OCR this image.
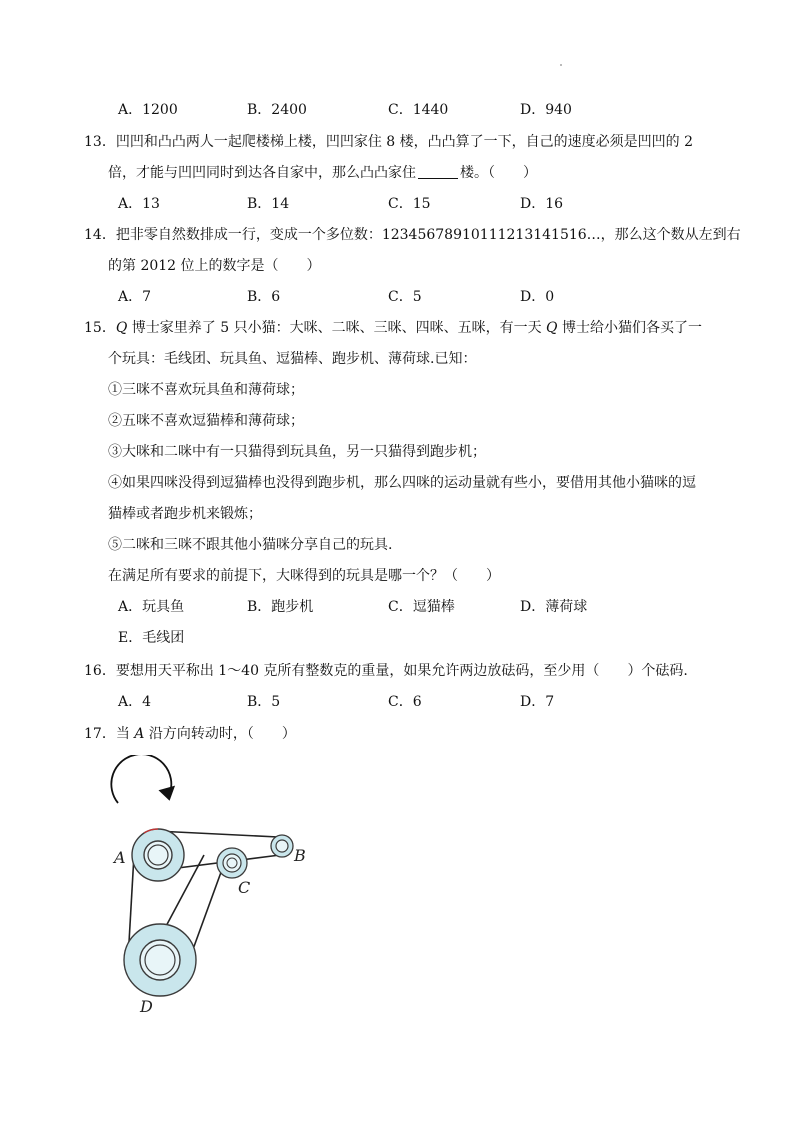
A．1200	B．2400	C．1440	D．940
13．凹凹和凸凸两人一起爬楼梯上楼，凹凹家住 8 楼，凸凸算了一下，自己的速度必须是凹凹的 2
倍，才能与凹凹同时到达各自家中，那么凸凸家住	楼。（ ）
A．13	B．14	C．15	D．16
14．把非零自然数排成一行，变成一个多位数：12345678910111213141516…，那么这个数从左到右
的第 2012 位上的数字是（ ）
A．7	B．6	C．5	D．0
15．Q 博士家里养了 5 只小猫：大咪、二咪、三咪、四咪、五咪，有一天 Q 博士给小猫们各买了一
个玩具：毛线团、玩具鱼、逗猫棒、跑步机、薄荷球.已知：
①三咪不喜欢玩具鱼和薄荷球；
②五咪不喜欢逗猫棒和薄荷球；
③大咪和二咪中有一只猫得到玩具鱼，另一只猫得到跑步机；
④如果四咪没得到逗猫棒也没得到跑步机，那么四咪的运动量就有些小，要借用其他小猫咪的逗
猫棒或者跑步机来锻炼；
⑤二咪和三咪不跟其他小猫咪分享自己的玩具.
在满足所有要求的前提下，大咪得到的玩具是哪一个？（ ）
A．玩具鱼	B．跑步机	C．逗猫棒	D．薄荷球
E．毛线团
16．要想用天平称出 1～40 克所有整数克的重量，如果允许两边放砝码，至少用（ ）个砝码.
A．4	B．5	C．6	D．7
17．当 A 沿方向转动时，（ ）
A	B
C
D
